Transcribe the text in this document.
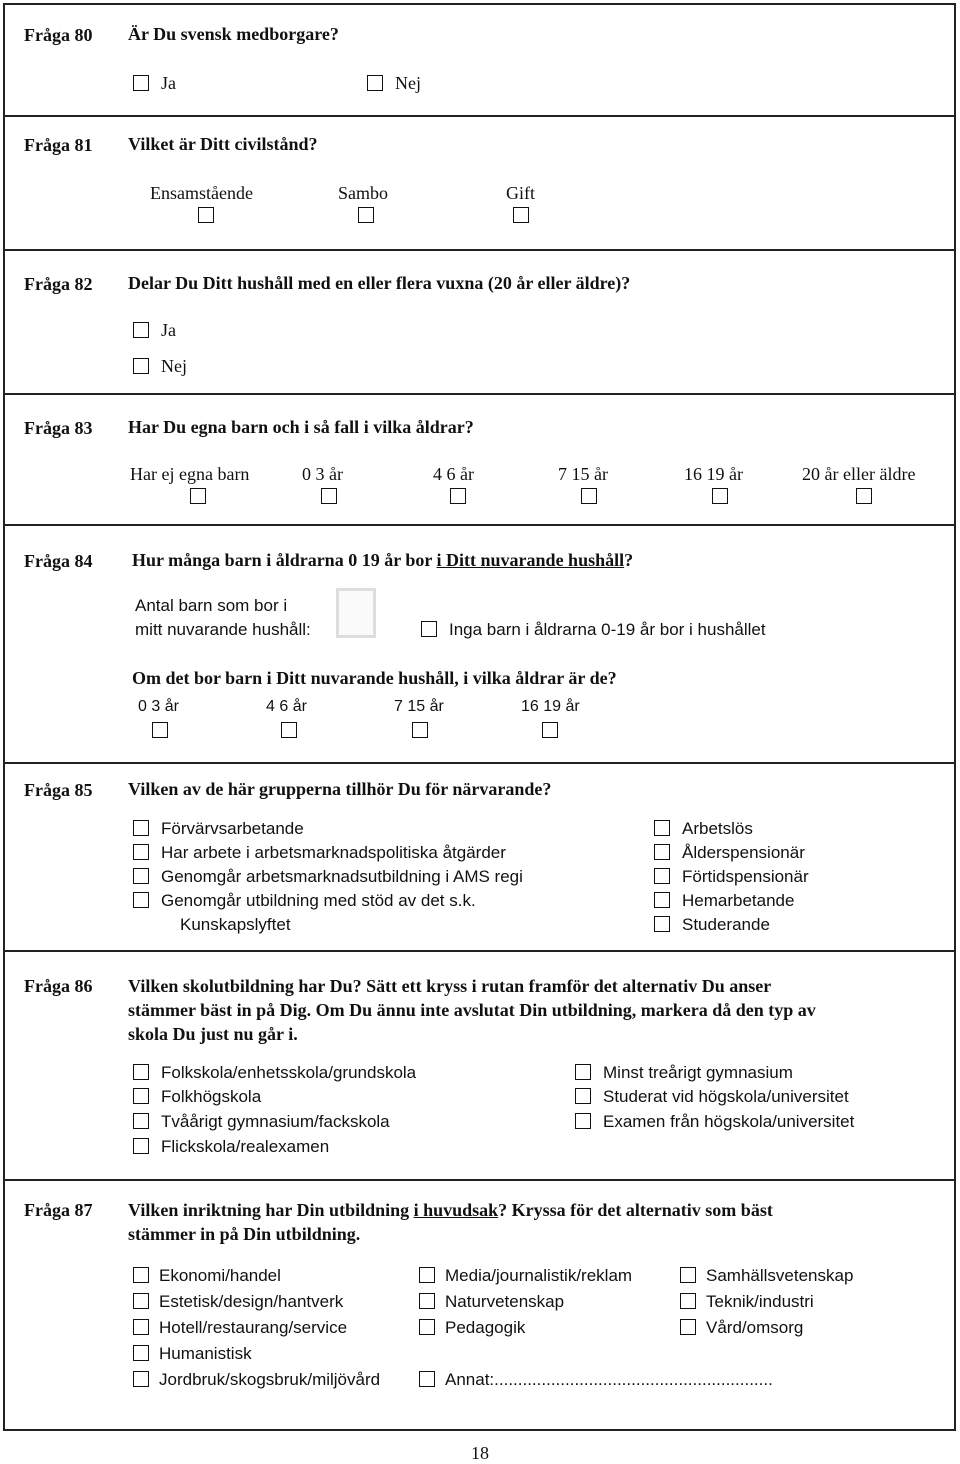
Fråga 80 Är Du svensk medborgare?
Ja	Nej
Fråga 81 Vilket är Ditt civilstånd?
Ensamstående	Sambo	Gift
Fråga 82 Delar Du Ditt hushåll med en eller flera vuxna (20 år eller äldre)?
Ja
Nej
Fråga 83 Har Du egna barn och i så fall i vilka åldrar?
Har ej egna barn	0 3 år	4 6 år	7 15 år	16 19 år	20 år eller äldre
Fråga 84 Hur många barn i åldrarna 0 19 år bor i Ditt nuvarande hushåll?
Antal barn som bor i
mitt nuvarande hushåll:	Inga barn i åldrarna 0-19 år bor i hushållet
Om det bor barn i Ditt nuvarande hushåll, i vilka åldrar är de?
0 3 år	4 6 år	7 15 år	16 19 år
Fråga 85 Vilken av de här grupperna tillhör Du för närvarande?
Förvärvsarbetande
Har arbete i arbetsmarknadspolitiska åtgärder
Genomgår arbetsmarknadsutbildning i AMS regi
Genomgår utbildning med stöd av det s.k.
Kunskapslyftet
Arbetslös
Ålderspensionär
Förtidspensionär
Hemarbetande
Studerande
Fråga 86 Vilken skolutbildning har Du? Sätt ett kryss i rutan framför det alternativ Du anser
stämmer bäst in på Dig. Om Du ännu inte avslutat Din utbildning, markera då den typ av
skola Du just nu går i.
Folkskola/enhetsskola/grundskola
Folkhögskola
Tvåårigt gymnasium/fackskola
Flickskola/realexamen
Minst treårigt gymnasium
Studerat vid högskola/universitet
Examen från högskola/universitet
Fråga 87 Vilken inriktning har Din utbildning i huvudsak? Kryssa för det alternativ som bäst
stämmer in på Din utbildning.
Ekonomi/handel
Estetisk/design/hantverk
Hotell/restaurang/service
Humanistisk
Jordbruk/skogsbruk/miljövård
Media/journalistik/reklam
Naturvetenskap
Pedagogik
Annat:...........................................................
Samhällsvetenskap
Teknik/industri
Vård/omsorg
18
